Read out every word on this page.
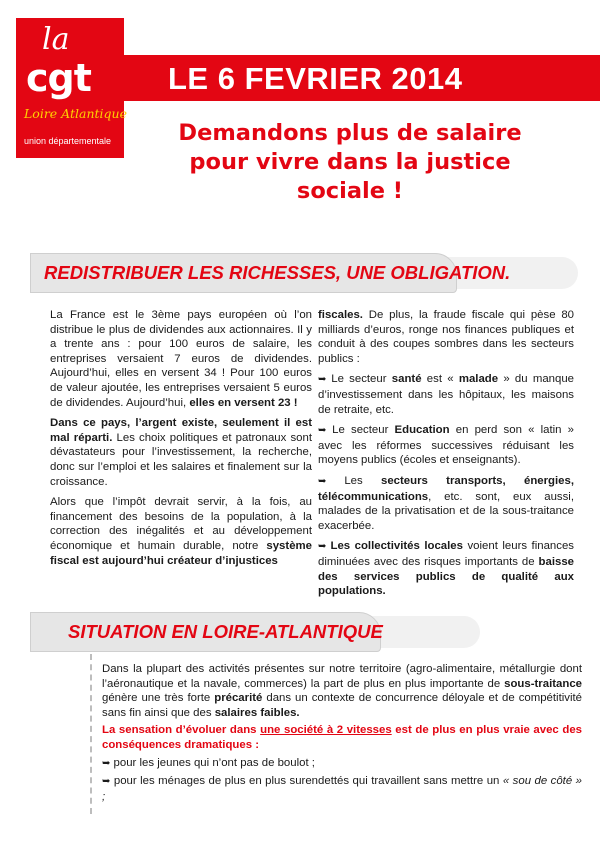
la
cgt
Loire Atlantique
union départementale
LE 6 FEVRIER 2014
Demandons plus de salaire
pour vivre dans la justice
sociale !
REDISTRIBUER LES RICHESSES, UNE OBLIGATION.

La France est le 3ème pays européen où l’on distribue le plus de dividendes aux actionnaires. Il y a trente ans : pour 100 euros de salaire, les entreprises versaient 7 euros de dividendes. Aujourd’hui, elles en versent 34 ! Pour 100 euros de valeur ajoutée, les entreprises versaient 5 euros de dividendes. Aujourd’hui, elles en versent 23 !

Dans ce pays, l’argent existe, seulement il est mal réparti. Les choix politiques et patronaux sont dévastateurs pour l’investissement, la recherche, donc sur l’emploi et les salaires et finalement sur la croissance.

Alors que l’impôt devrait servir, à la fois, au financement des besoins de la population, à la correction des inégalités et au développement économique et humain durable, notre système fiscal est aujourd’hui créateur d’injustices

fiscales. De plus, la fraude fiscale qui pèse 80 milliards d’euros, ronge nos finances publiques et conduit à des coupes sombres dans les secteurs publics :

➥ Le secteur santé est « malade » du manque d’investissement dans les hôpitaux, les maisons de retraite, etc.

➥ Le secteur Education en perd son « latin » avec les réformes successives réduisant les moyens publics (écoles et enseignants).

➥ Les secteurs transports, énergies, télécommunications, etc. sont, eux aussi, malades de la privatisation et de la sous-traitance exacerbée.

➥ Les collectivités locales voient leurs finances diminuées avec des risques importants de baisse des services publics de qualité aux populations.

SITUATION EN LOIRE-ATLANTIQUE

Dans la plupart des activités présentes sur notre territoire (agro-alimentaire, métallurgie dont l’aéronautique et la navale, commerces) la part de plus en plus importante de sous-traitance génère une très forte précarité dans un contexte de concurrence déloyale et de compétitivité sans fin ainsi que des salaires faibles.

La sensation d’évoluer dans une société à 2 vitesses est de plus en plus vraie avec des conséquences dramatiques :

➥ pour les jeunes qui n’ont pas de boulot ;

➥ pour les ménages de plus en plus surendettés qui travaillent sans mettre un « sou de côté » ;
